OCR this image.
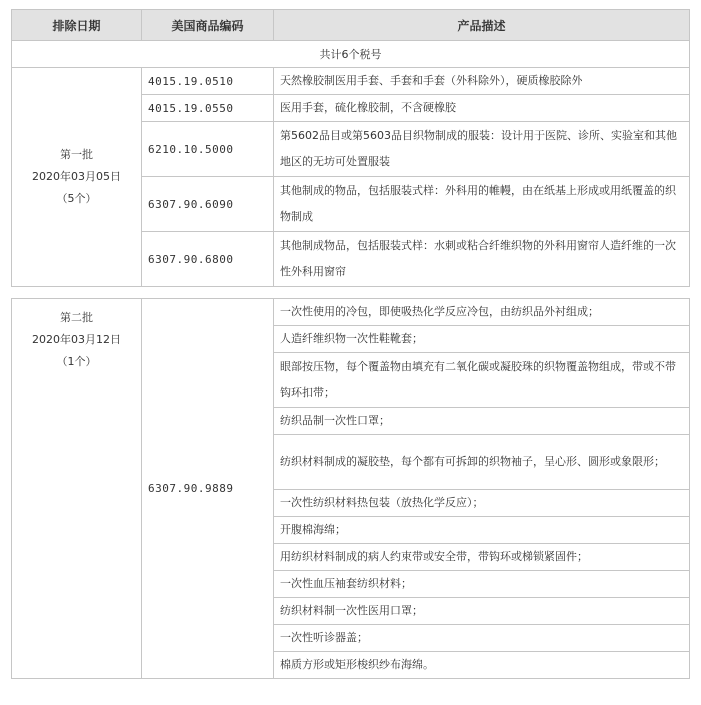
排除日期	美国商品编码	产品描述
共计6个税号		

第一批
2020年03月05日
（5个）	4015.19.0510	天然橡胶制医用手套、手套和手套（外科除外），硬质橡胶除外
	4015.19.0550	医用手套，硫化橡胶制，不含硬橡胶
	6210.10.5000	第5602品目或第5603品目织物制成的服装：设计用于医院、诊所、实验室和其他地区的无坊可处置服装
	6307.90.6090	其他制成的物品，包括服装式样：外科用的帷幔，由在纸基上形成或用纸覆盖的织物制成
	6307.90.6800	其他制成物品，包括服装式样：水刺或粘合纤维织物的外科用窗帘人造纤维的一次性外科用窗帘
第二批
2020年03月12日
（1个）
	6307.90.9889	一次性使用的冷包，即使吸热化学反应冷包，由纺织品外衬组成；
人造纤维织物一次性鞋靴套；
眼部按压物，每个覆盖物由填充有二氧化碳或凝胶珠的织物覆盖物组成，带或不带钩环扣带；
纺织品制一次性口罩；
纺织材料制成的凝胶垫，每个都有可拆卸的织物袖子，呈心形、圆形或象限形；
一次性纺织材料热包装（放热化学反应）；
开腹棉海绵；
用纺织材料制成的病人约束带或安全带，带钩环或梯锁紧固件；
一次性血压袖套纺织材料；
纺织材料制一次性医用口罩；
一次性听诊器盖；
棉质方形或矩形梭织纱布海绵。
